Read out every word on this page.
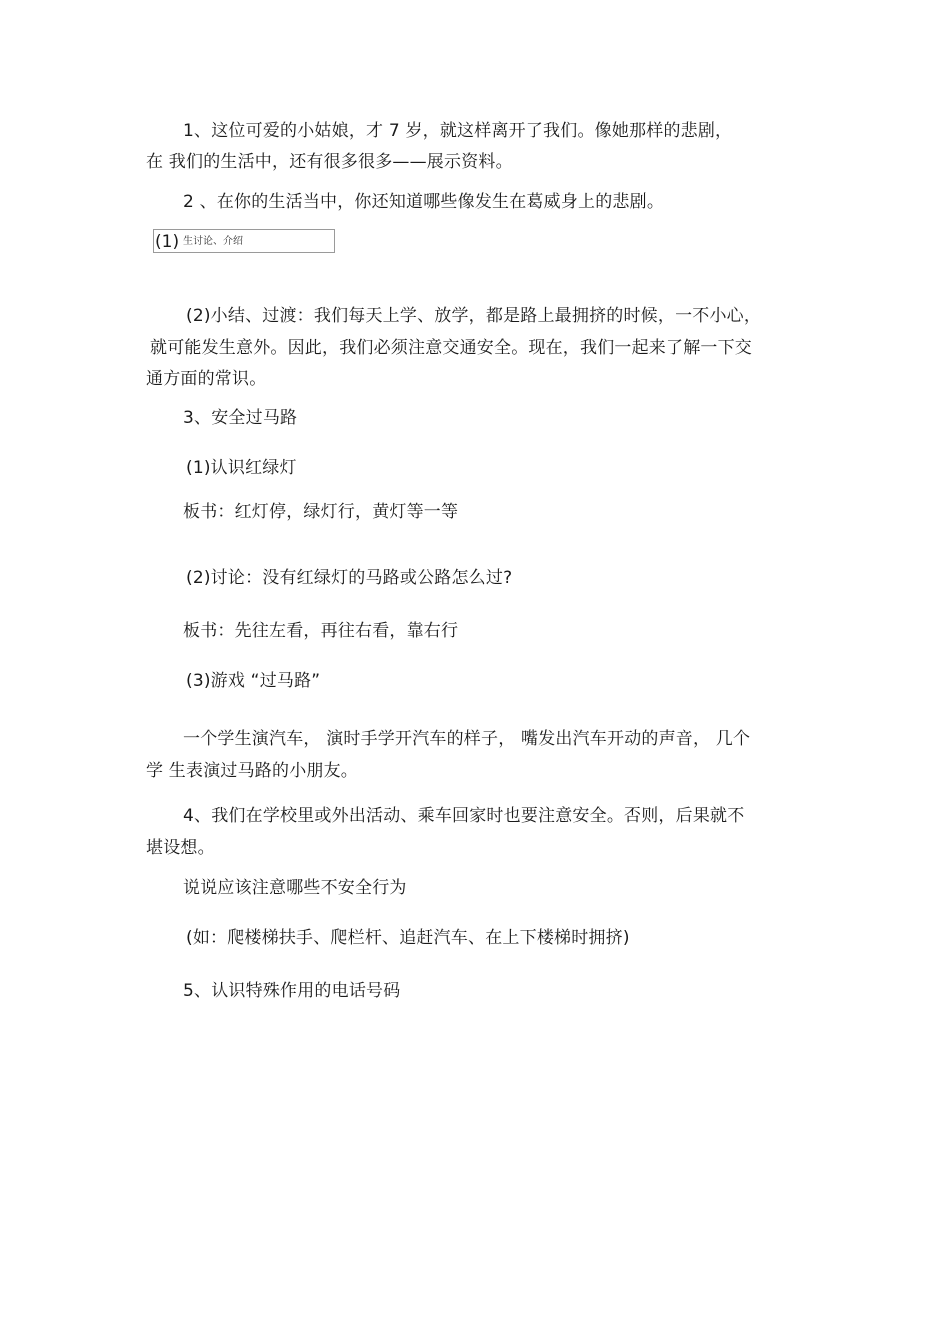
1、这位可爱的小姑娘，才 7 岁，就这样离开了我们。像她那样的悲剧，
在 我们的生活中，还有很多很多——展示资料。
2 、在你的生活当中，你还知道哪些像发生在葛威身上的悲剧。
(1) 生讨论、介绍
(2)小结、过渡：我们每天上学、放学，都是路上最拥挤的时候，一不小心，
就可能发生意外。因此，我们必须注意交通安全。现在，我们一起来了解一下交
通方面的常识。
3、安全过马路
(1)认识红绿灯
板书：红灯停，绿灯行，黄灯等一等
(2)讨论：没有红绿灯的马路或公路怎么过?
板书：先往左看，再往右看，靠右行
(3)游戏 “过马路”
一个学生演汽车， 演时手学开汽车的样子， 嘴发出汽车开动的声音， 几个
学 生表演过马路的小朋友。
4、我们在学校里或外出活动、乘车回家时也要注意安全。否则，后果就不
堪设想。
说说应该注意哪些不安全行为
(如：爬楼梯扶手、爬栏杆、追赶汽车、在上下楼梯时拥挤)
5、认识特殊作用的电话号码
